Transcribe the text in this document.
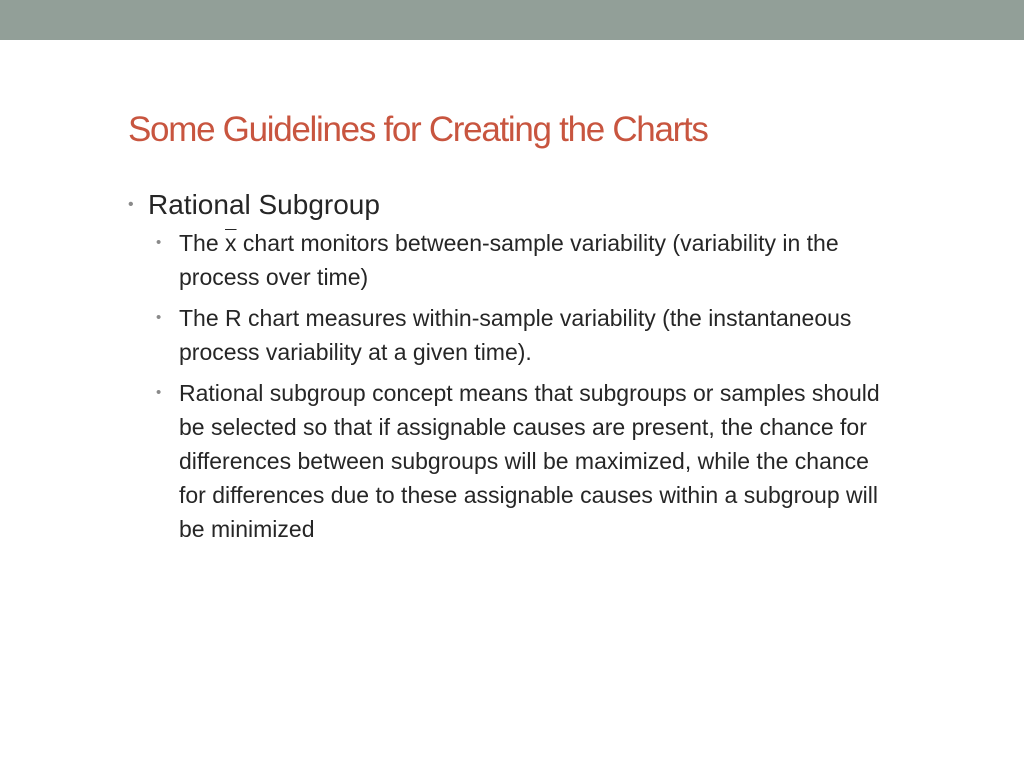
Some Guidelines for Creating the Charts
• Rational Subgroup
• The $\overline{x}$ chart monitors between-sample variability (variability in the process over time)
• The R chart measures within-sample variability (the instantaneous process variability at a given time).
• Rational subgroup concept means that subgroups or samples should be selected so that if assignable causes are present, the chance for differences between subgroups will be maximized, while the chance for differences due to these assignable causes within a subgroup will be minimized
